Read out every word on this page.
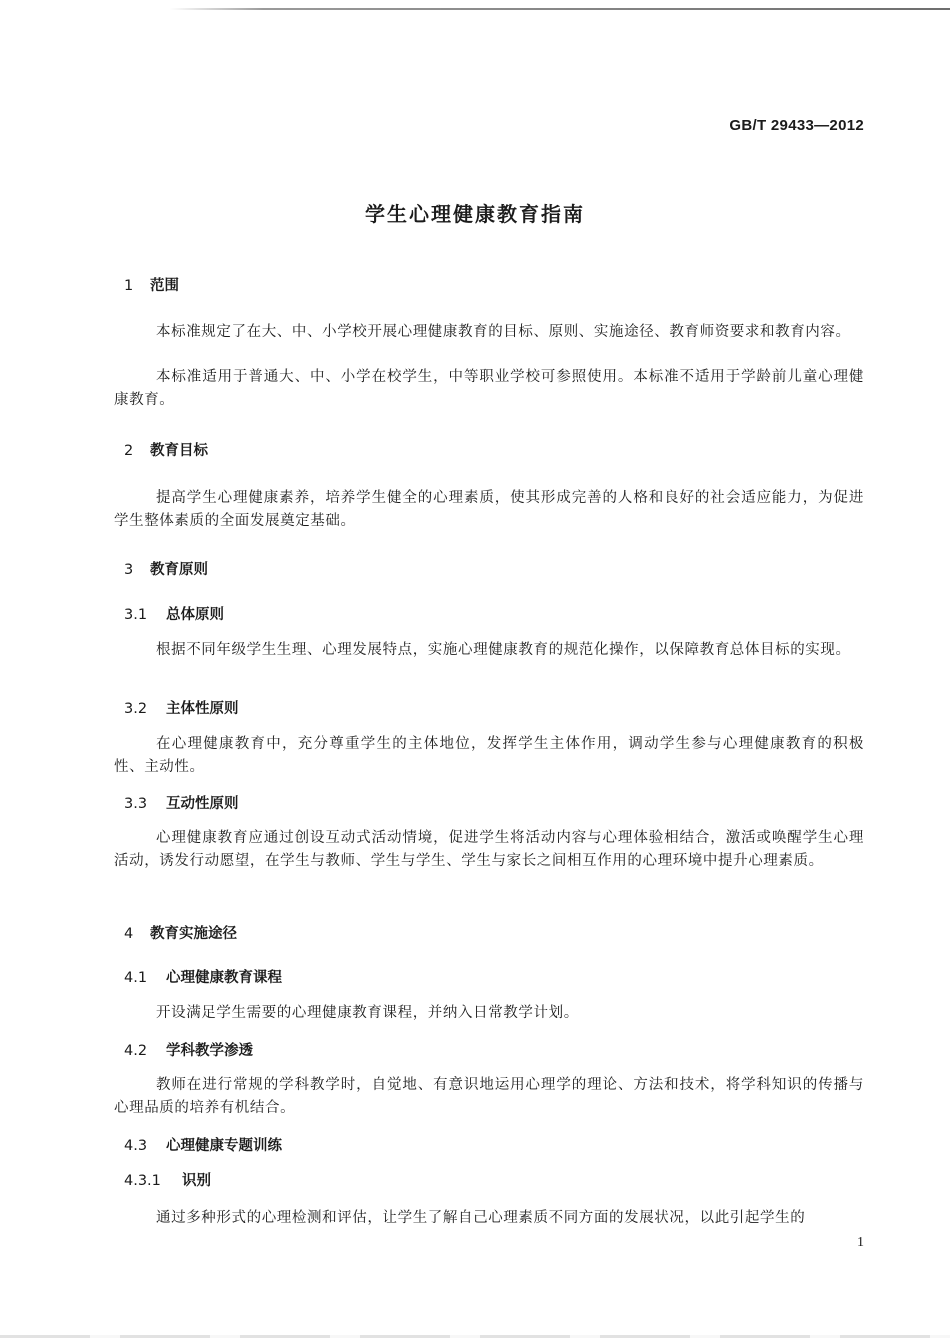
GB/T 29433—2012
学生心理健康教育指南
1 范围
本标准规定了在大、中、小学校开展心理健康教育的目标、原则、实施途径、教育师资要求和教育内容。
本标准适用于普通大、中、小学在校学生，中等职业学校可参照使用。本标准不适用于学龄前儿童心理健康教育。
2 教育目标
提高学生心理健康素养，培养学生健全的心理素质，使其形成完善的人格和良好的社会适应能力，为促进学生整体素质的全面发展奠定基础。
3 教育原则
3.1 总体原则
根据不同年级学生生理、心理发展特点，实施心理健康教育的规范化操作，以保障教育总体目标的实现。
3.2 主体性原则
在心理健康教育中，充分尊重学生的主体地位，发挥学生主体作用，调动学生参与心理健康教育的积极性、主动性。
3.3 互动性原则
心理健康教育应通过创设互动式活动情境，促进学生将活动内容与心理体验相结合，激活或唤醒学生心理活动，诱发行动愿望，在学生与教师、学生与学生、学生与家长之间相互作用的心理环境中提升心理素质。
4 教育实施途径
4.1 心理健康教育课程
开设满足学生需要的心理健康教育课程，并纳入日常教学计划。
4.2 学科教学渗透
教师在进行常规的学科教学时，自觉地、有意识地运用心理学的理论、方法和技术，将学科知识的传播与心理品质的培养有机结合。
4.3 心理健康专题训练
4.3.1 识别
通过多种形式的心理检测和评估，让学生了解自己心理素质不同方面的发展状况，以此引起学生的
1
